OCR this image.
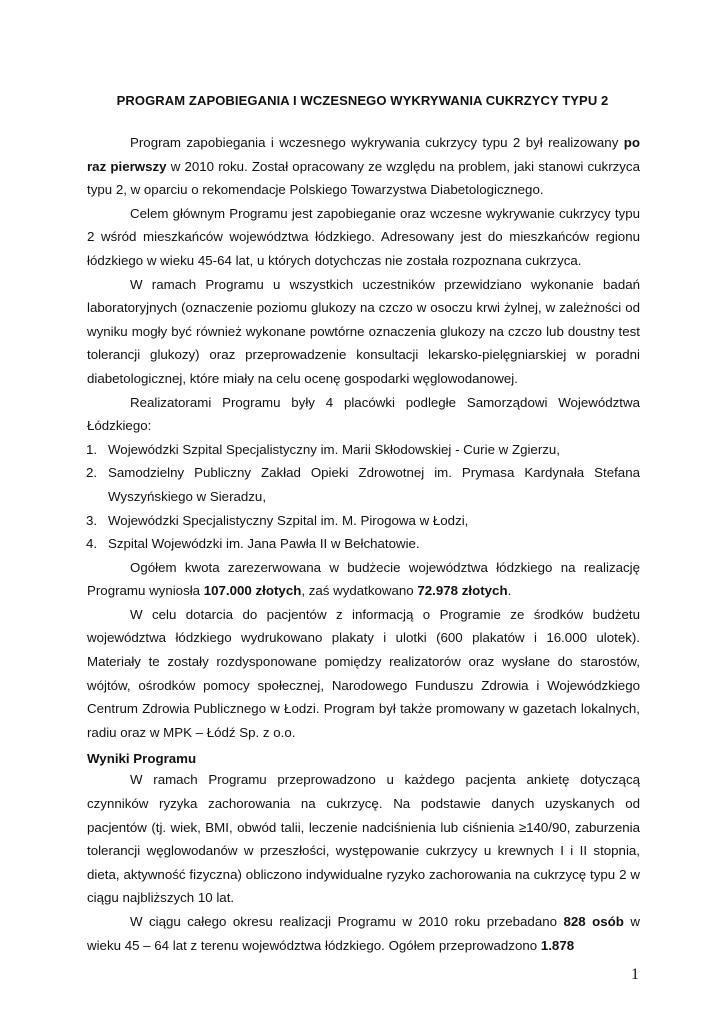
PROGRAM ZAPOBIEGANIA I WCZESNEGO WYKRYWANIA CUKRZYCY TYPU 2

Program zapobiegania i wczesnego wykrywania cukrzycy typu 2 był realizowany po raz pierwszy w 2010 roku. Został opracowany ze względu na problem, jaki stanowi cukrzyca typu 2, w oparciu o rekomendacje Polskiego Towarzystwa Diabetologicznego.

Celem głównym Programu jest zapobieganie oraz wczesne wykrywanie cukrzycy typu 2 wśród mieszkańców województwa łódzkiego. Adresowany jest do mieszkańców regionu łódzkiego w wieku 45-64 lat, u których dotychczas nie została rozpoznana cukrzyca.

W ramach Programu u wszystkich uczestników przewidziano wykonanie badań laboratoryjnych (oznaczenie poziomu glukozy na czczo w osoczu krwi żylnej, w zależności od wyniku mogły być również wykonane powtórne oznaczenia glukozy na czczo lub doustny test tolerancji glukozy) oraz przeprowadzenie konsultacji lekarsko-pielęgniarskiej w poradni diabetologicznej, które miały na celu ocenę gospodarki węglowodanowej.

Realizatorami Programu były 4 placówki podległe Samorządowi Województwa Łódzkiego:

1. Wojewódzki Szpital Specjalistyczny im. Marii Skłodowskiej - Curie w Zgierzu,
2. Samodzielny Publiczny Zakład Opieki Zdrowotnej im. Prymasa Kardynała Stefana Wyszyńskiego w Sieradzu,
3. Wojewódzki Specjalistyczny Szpital im. M. Pirogowa w Łodzi,
4. Szpital Wojewódzki im. Jana Pawła II w Bełchatowie.

Ogółem kwota zarezerwowana w budżecie województwa łódzkiego na realizację Programu wyniosła 107.000 złotych, zaś wydatkowano 72.978 złotych.

W celu dotarcia do pacjentów z informacją o Programie ze środków budżetu województwa łódzkiego wydrukowano plakaty i ulotki (600 plakatów i 16.000 ulotek). Materiały te zostały rozdysponowane pomiędzy realizatorów oraz wysłane do starostów, wójtów, ośrodków pomocy społecznej, Narodowego Funduszu Zdrowia i Wojewódzkiego Centrum Zdrowia Publicznego w Łodzi. Program był także promowany w gazetach lokalnych, radiu oraz w MPK – Łódź Sp. z o.o.

Wyniki Programu

W ramach Programu przeprowadzono u każdego pacjenta ankietę dotyczącą czynników ryzyka zachorowania na cukrzycę. Na podstawie danych uzyskanych od pacjentów (tj. wiek, BMI, obwód talii, leczenie nadciśnienia lub ciśnienia ≥140/90, zaburzenia tolerancji węglowodanów w przeszłości, występowanie cukrzycy u krewnych I i II stopnia, dieta, aktywność fizyczna) obliczono indywidualne ryzyko zachorowania na cukrzycę typu 2 w ciągu najbliższych 10 lat.

W ciągu całego okresu realizacji Programu w 2010 roku przebadano 828 osób w wieku 45 – 64 lat z terenu województwa łódzkiego. Ogółem przeprowadzono 1.878

1
